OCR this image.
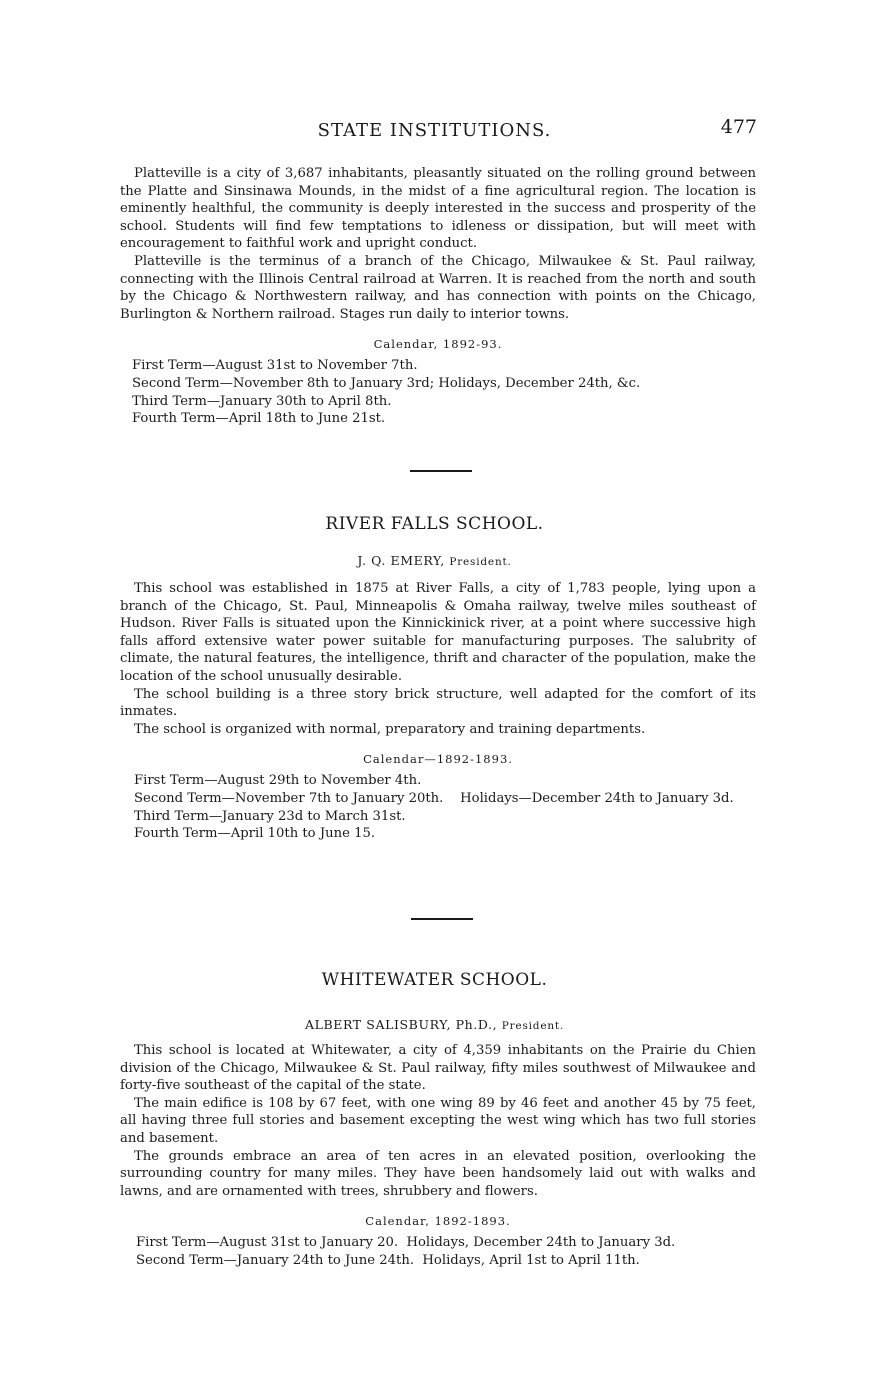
STATE INSTITUTIONS.	477

Platteville is a city of 3,687 inhabitants, pleasantly situated on the rolling ground between the Platte and Sinsinawa Mounds, in the midst of a fine agricultural region. The location is eminently healthful, the community is deeply interested in the success and prosperity of the school. Students will find few temptations to idleness or dissipation, but will meet with encouragement to faithful work and upright conduct.

Platteville is the terminus of a branch of the Chicago, Milwaukee & St. Paul railway, connecting with the Illinois Central railroad at Warren. It is reached from the north and south by the Chicago & Northwestern railway, and has connection with points on the Chicago, Burlington & Northern railroad. Stages run daily to interior towns.

Calendar, 1892-93.
First Term—August 31st to November 7th.
Second Term—November 8th to January 3rd; Holidays, December 24th, &c.
Third Term—January 30th to April 8th.
Fourth Term—April 18th to June 21st.
RIVER FALLS SCHOOL.
J. Q. EMERY, President.

This school was established in 1875 at River Falls, a city of 1,783 people, lying upon a branch of the Chicago, St. Paul, Minneapolis & Omaha railway, twelve miles southeast of Hudson. River Falls is situated upon the Kinnickinick river, at a point where successive high falls afford extensive water power suitable for manufacturing purposes. The salubrity of climate, the natural features, the intelligence, thrift and character of the population, make the location of the school unusually desirable.

The school building is a three story brick structure, well adapted for the comfort of its inmates.

The school is organized with normal, preparatory and training departments.

Calendar—1892-1893.
First Term—August 29th to November 4th.
Second Term—November 7th to January 20th.    Holidays—December 24th to January 3d.
Third Term—January 23d to March 31st.
Fourth Term—April 10th to June 15.
WHITEWATER SCHOOL.
ALBERT SALISBURY, Ph.D., President.

This school is located at Whitewater, a city of 4,359 inhabitants on the Prairie du Chien division of the Chicago, Milwaukee & St. Paul railway, fifty miles southwest of Milwaukee and forty-five southeast of the capital of the state.

The main edifice is 108 by 67 feet, with one wing 89 by 46 feet and another 45 by 75 feet, all having three full stories and basement excepting the west wing which has two full stories and basement.

The grounds embrace an area of ten acres in an elevated position, overlooking the surrounding country for many miles. They have been handsomely laid out with walks and lawns, and are ornamented with trees, shrubbery and flowers.

Calendar, 1892-1893.
First Term—August 31st to January 20.  Holidays, December 24th to January 3d.
Second Term—January 24th to June 24th.  Holidays, April 1st to April 11th.
